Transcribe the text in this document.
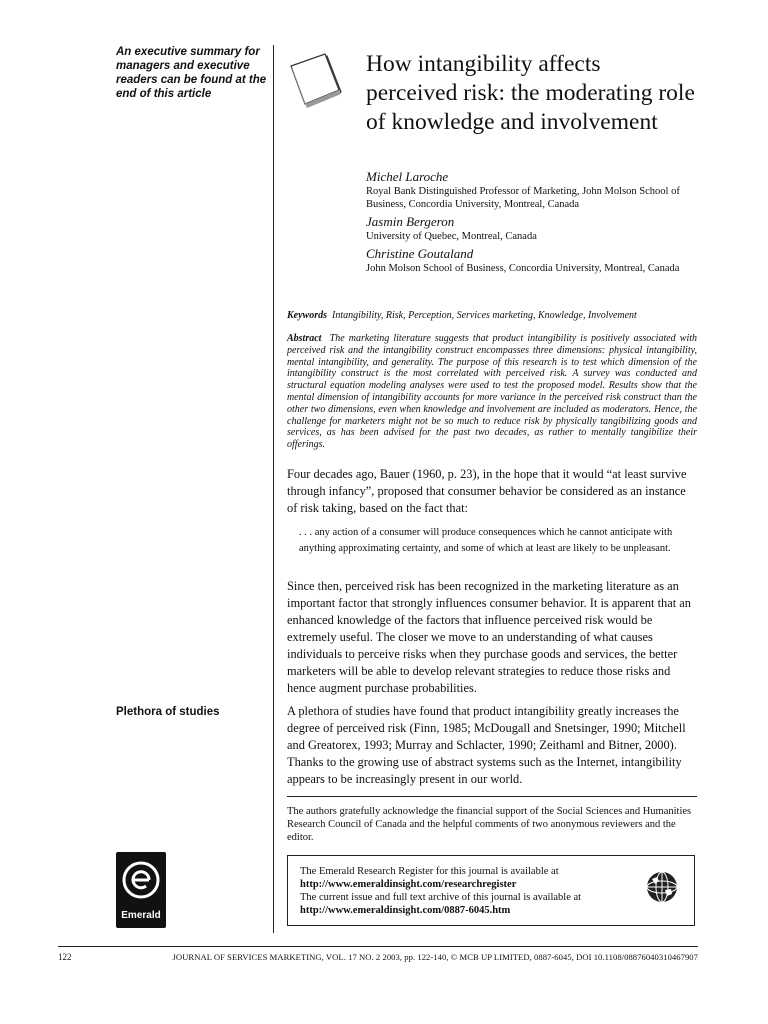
An executive summary for managers and executive readers can be found at the end of this article
How intangibility affects perceived risk: the moderating role of knowledge and involvement
Michel Laroche
Royal Bank Distinguished Professor of Marketing, John Molson School of Business, Concordia University, Montreal, Canada
Jasmin Bergeron
University of Quebec, Montreal, Canada
Christine Goutaland
John Molson School of Business, Concordia University, Montreal, Canada
Keywords Intangibility, Risk, Perception, Services marketing, Knowledge, Involvement
Abstract The marketing literature suggests that product intangibility is positively associated with perceived risk and the intangibility construct encompasses three dimensions: physical intangibility, mental intangibility, and generality. The purpose of this research is to test which dimension of the intangibility construct is the most correlated with perceived risk. A survey was conducted and structural equation modeling analyses were used to test the proposed model. Results show that the mental dimension of intangibility accounts for more variance in the perceived risk construct than the other two dimensions, even when knowledge and involvement are included as moderators. Hence, the challenge for marketers might not be so much to reduce risk by physically tangibilizing goods and services, as has been advised for the past two decades, as rather to mentally tangibilize their offerings.

Four decades ago, Bauer (1960, p. 23), in the hope that it would “at least survive through infancy”, proposed that consumer behavior be considered as an instance of risk taking, based on the fact that:

. . . any action of a consumer will produce consequences which he cannot anticipate with anything approximating certainty, and some of which at least are likely to be unpleasant.

Since then, perceived risk has been recognized in the marketing literature as an important factor that strongly influences consumer behavior. It is apparent that an enhanced knowledge of the factors that influence perceived risk would be extremely useful. The closer we move to an understanding of what causes individuals to perceive risks when they purchase goods and services, the better marketers will be able to develop relevant strategies to reduce those risks and hence augment purchase probabilities.

Plethora of studies	A plethora of studies have found that product intangibility greatly increases the degree of perceived risk (Finn, 1985; McDougall and Snetsinger, 1990; Mitchell and Greatorex, 1993; Murray and Schlacter, 1990; Zeithaml and Bitner, 2000). Thanks to the growing use of abstract systems such as the Internet, intangibility appears to be increasingly present in our world.

The authors gratefully acknowledge the financial support of the Social Sciences and Humanities Research Council of Canada and the helpful comments of two anonymous reviewers and the editor.
The Emerald Research Register for this journal is available at
http://www.emeraldinsight.com/researchregister
The current issue and full text archive of this journal is available at
http://www.emeraldinsight.com/0887-6045.htm
Emerald
122	JOURNAL OF SERVICES MARKETING, VOL. 17 NO. 2 2003, pp. 122-140, © MCB UP LIMITED, 0887-6045, DOI 10.1108/08876040310467907
